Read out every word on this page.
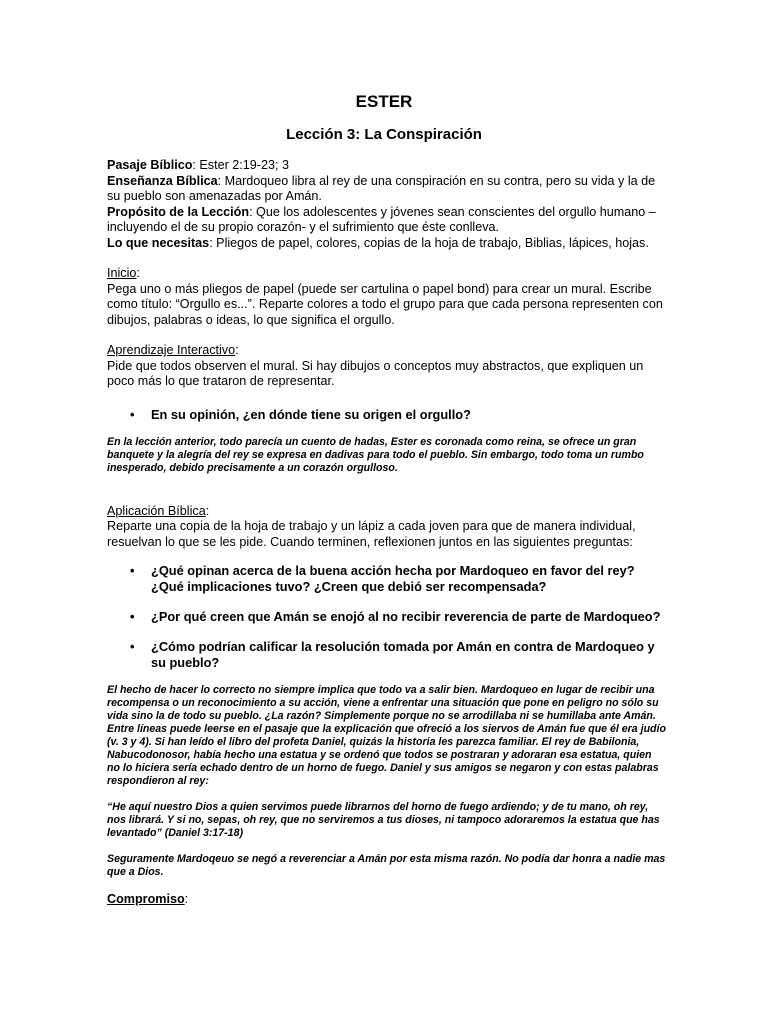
ESTER
Lección 3: La Conspiración

Pasaje Bíblico: Ester 2:19-23; 3

Enseñanza Bíblica: Mardoqueo libra al rey de una conspiración en su contra, pero su vida y la de su pueblo son amenazadas por Amán.

Propósito de la Lección: Que los adolescentes y jóvenes sean conscientes del orgullo humano – incluyendo el de su propio corazón- y el sufrimiento que éste conlleva.

Lo que necesitas: Pliegos de papel, colores, copias de la hoja de trabajo, Biblias, lápices, hojas.

Inicio:

Pega uno o más pliegos de papel (puede ser cartulina o papel bond) para crear un mural. Escribe como título: “Orgullo es...”. Reparte colores a todo el grupo para que cada persona representen con dibujos, palabras o ideas, lo que significa el orgullo.

Aprendizaje Interactivo:

Pide que todos observen el mural. Si hay dibujos o conceptos muy abstractos, que expliquen un poco más lo que trataron de representar.

• En su opinión, ¿en dónde tiene su origen el orgullo?

En la lección anterior, todo parecía un cuento de hadas, Ester es coronada como reina, se ofrece un gran banquete y la alegría del rey se expresa en dadivas para todo el pueblo. Sin embargo, todo toma un rumbo inesperado, debido precisamente a un corazón orgulloso.

Aplicación Bíblica:

Reparte una copia de la hoja de trabajo y un lápiz a cada joven para que de manera individual, resuelvan lo que se les pide. Cuando terminen, reflexionen juntos en las siguientes preguntas:

• ¿Qué opinan acerca de la buena acción hecha por Mardoqueo en favor del rey? ¿Qué implicaciones tuvo? ¿Creen que debió ser recompensada?
• ¿Por qué creen que Amán se enojó al no recibir reverencia de parte de Mardoqueo?
• ¿Cómo podrían calificar la resolución tomada por Amán en contra de Mardoqueo y su pueblo?

El hecho de hacer lo correcto no siempre implica que todo va a salir bien. Mardoqueo en lugar de recibir una recompensa o un reconocimiento a su acción, viene a enfrentar una situación que pone en peligro no sólo su vida sino la de todo su pueblo. ¿La razón? Simplemente porque no se arrodillaba ni se humillaba ante Amán. Entre líneas puede leerse en el pasaje que la explicación que ofreció a los siervos de Amán fue que él era judío (v. 3 y 4). Si han leído el libro del profeta Daniel, quizás la historia les parezca familiar. El rey de Babilonia, Nabucodonosor, había hecho una estatua y se ordenó que todos se postraran y adoraran esa estatua, quien no lo hiciera sería echado dentro de un horno de fuego. Daniel y sus amigos se negaron y con estas palabras respondieron al rey:

“He aquí nuestro Dios a quien servimos puede librarnos del horno de fuego ardiendo; y de tu mano, oh rey, nos librará. Y si no, sepas, oh rey, que no serviremos a tus dioses, ni tampoco adoraremos la estatua que has levantado” (Daniel 3:17-18)

Seguramente Mardoqeuo se negó a reverenciar a Amán por esta misma razón. No podía dar honra a nadie mas que a Dios.

Compromiso:
